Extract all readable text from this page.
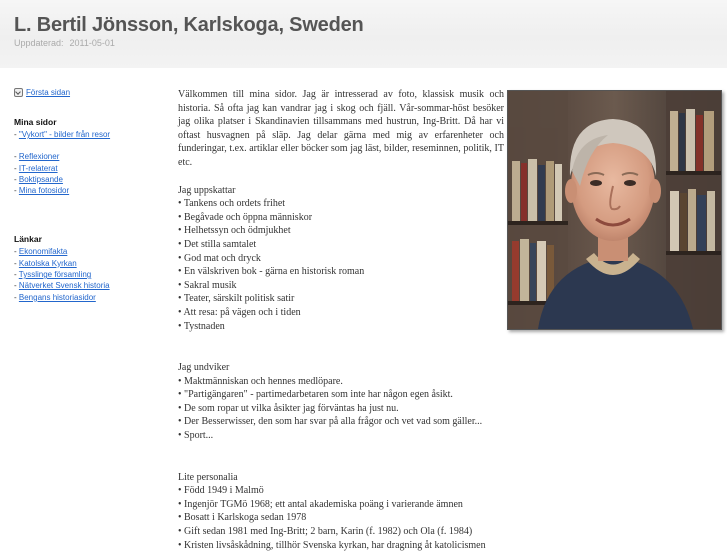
L. Bertil Jönsson, Karlskoga, Sweden
Uppdaterad: 2011-05-01
Första sidan
Mina sidor
- "Vykort" - bilder från resor
- Reflexioner
- IT-relaterat
- Boktipsande
- Mina fotosidor
Länkar
- Ekonomifakta
- Katolska Kyrkan
- Tysslinge församling
- Nätverket Svensk historia
- Bengans historiasidor

Välkommen till mina sidor. Jag är intresserad av foto, klassisk musik och historia. Så ofta jag kan vandrar jag i skog och fjäll. Vår-sommar-höst besöker jag olika platser i Skandinavien tillsammans med hustrun, Ing-Britt. Då har vi oftast husvagnen på släp. Jag delar gärna med mig av erfarenheter och funderingar, t.ex. artiklar eller böcker som jag läst, bilder, reseminnen, politik, IT etc.

Jag uppskattar
• Tankens och ordets frihet
• Begåvade och öppna människor
• Helhetssyn och ödmjukhet
• Det stilla samtalet
• God mat och dryck
• En välskriven bok - gärna en historisk roman
• Sakral musik
• Teater, särskilt politisk satir
• Att resa: på vägen och i tiden
• Tystnaden
Jag undviker
• Maktmänniskan och hennes medlöpare.
• "Partigängaren" - partimedarbetaren som inte har någon egen åsikt.
• De som ropar ut vilka åsikter jag förväntas ha just nu.
• Der Besserwisser, den som har svar på alla frågor och vet vad som gäller...
• Sport...
Lite personalia
• Född 1949 i Malmö
• Ingenjör TGMö 1968; ett antal akademiska poäng i varierande ämnen
• Bosatt i Karlskoga sedan 1978
• Gift sedan 1981 med Ing-Britt; 2 barn, Karin (f. 1982) och Ola (f. 1984)
• Kristen livsåskådning, tillhör Svenska kyrkan, har dragning åt katolicismen
